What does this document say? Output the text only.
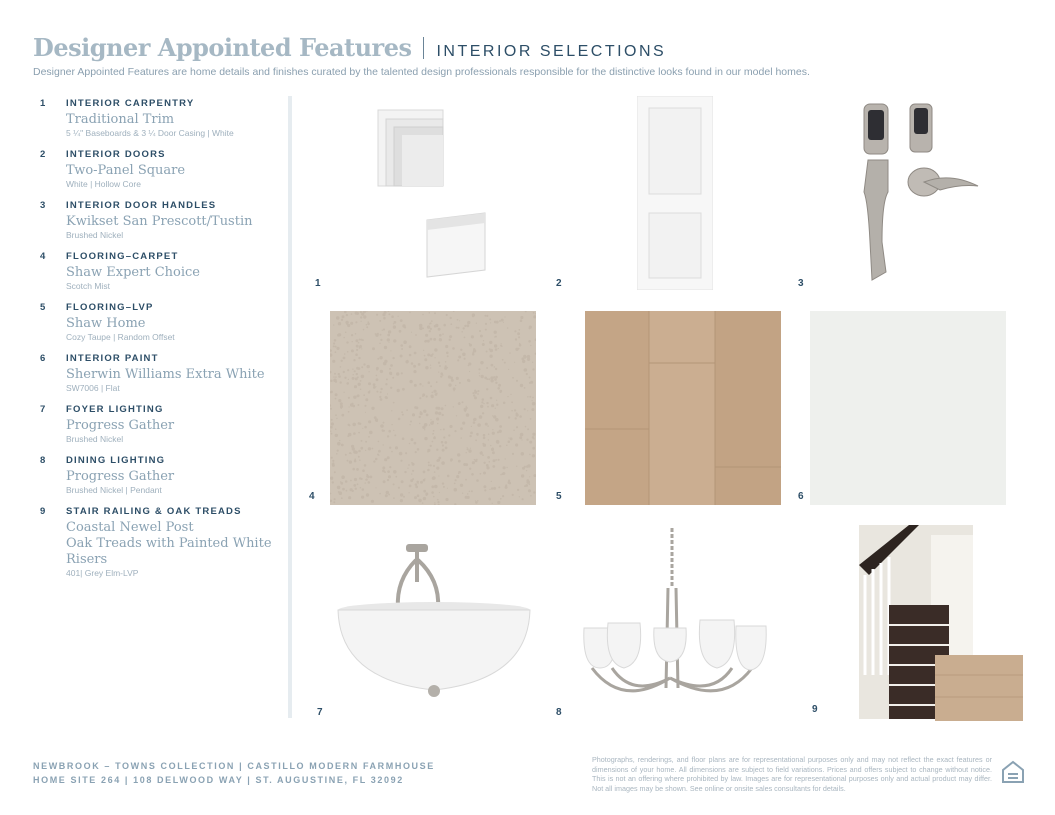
Designer Appointed Features INTERIOR SELECTIONS
Designer Appointed Features are home details and finishes curated by the talented design professionals responsible for the distinctive looks found in our model homes.
1	INTERIOR CARPENTRY
Traditional Trim
5 ¼" Baseboards & 3 ¼ Door Casing | White
2	INTERIOR DOORS
Two-Panel Square
White | Hollow Core
3	INTERIOR DOOR HANDLES
Kwikset San Prescott/Tustin
Brushed Nickel
4	FLOORING–CARPET
Shaw Expert Choice
Scotch Mist
5	FLOORING–LVP
Shaw Home
Cozy Taupe | Random Offset
6	INTERIOR PAINT
Sherwin Williams Extra White
SW7006 | Flat
7	FOYER LIGHTING
Progress Gather
Brushed Nickel
8	DINING LIGHTING
Progress Gather
Brushed Nickel | Pendant
9	STAIR RAILING & OAK TREADS
Coastal Newel Post
Oak Treads with Painted White Risers
401| Grey Elm-LVP
1	2	3
4	5	6
7	8	9
NEWBROOK – TOWNS COLLECTION | CASTILLO MODERN FARMHOUSE
HOME SITE 264 | 108 DELWOOD WAY | ST. AUGUSTINE, FL 32092
Photographs, renderings, and floor plans are for representational purposes only and may not reflect the exact features or dimensions of your home. All dimensions are subject to field variations. Prices and offers subject to change without notice. This is not an offering where prohibited by law. Images are for representational purposes only and actual product may differ. Not all images may be shown. See online or onsite sales consultants for details.
